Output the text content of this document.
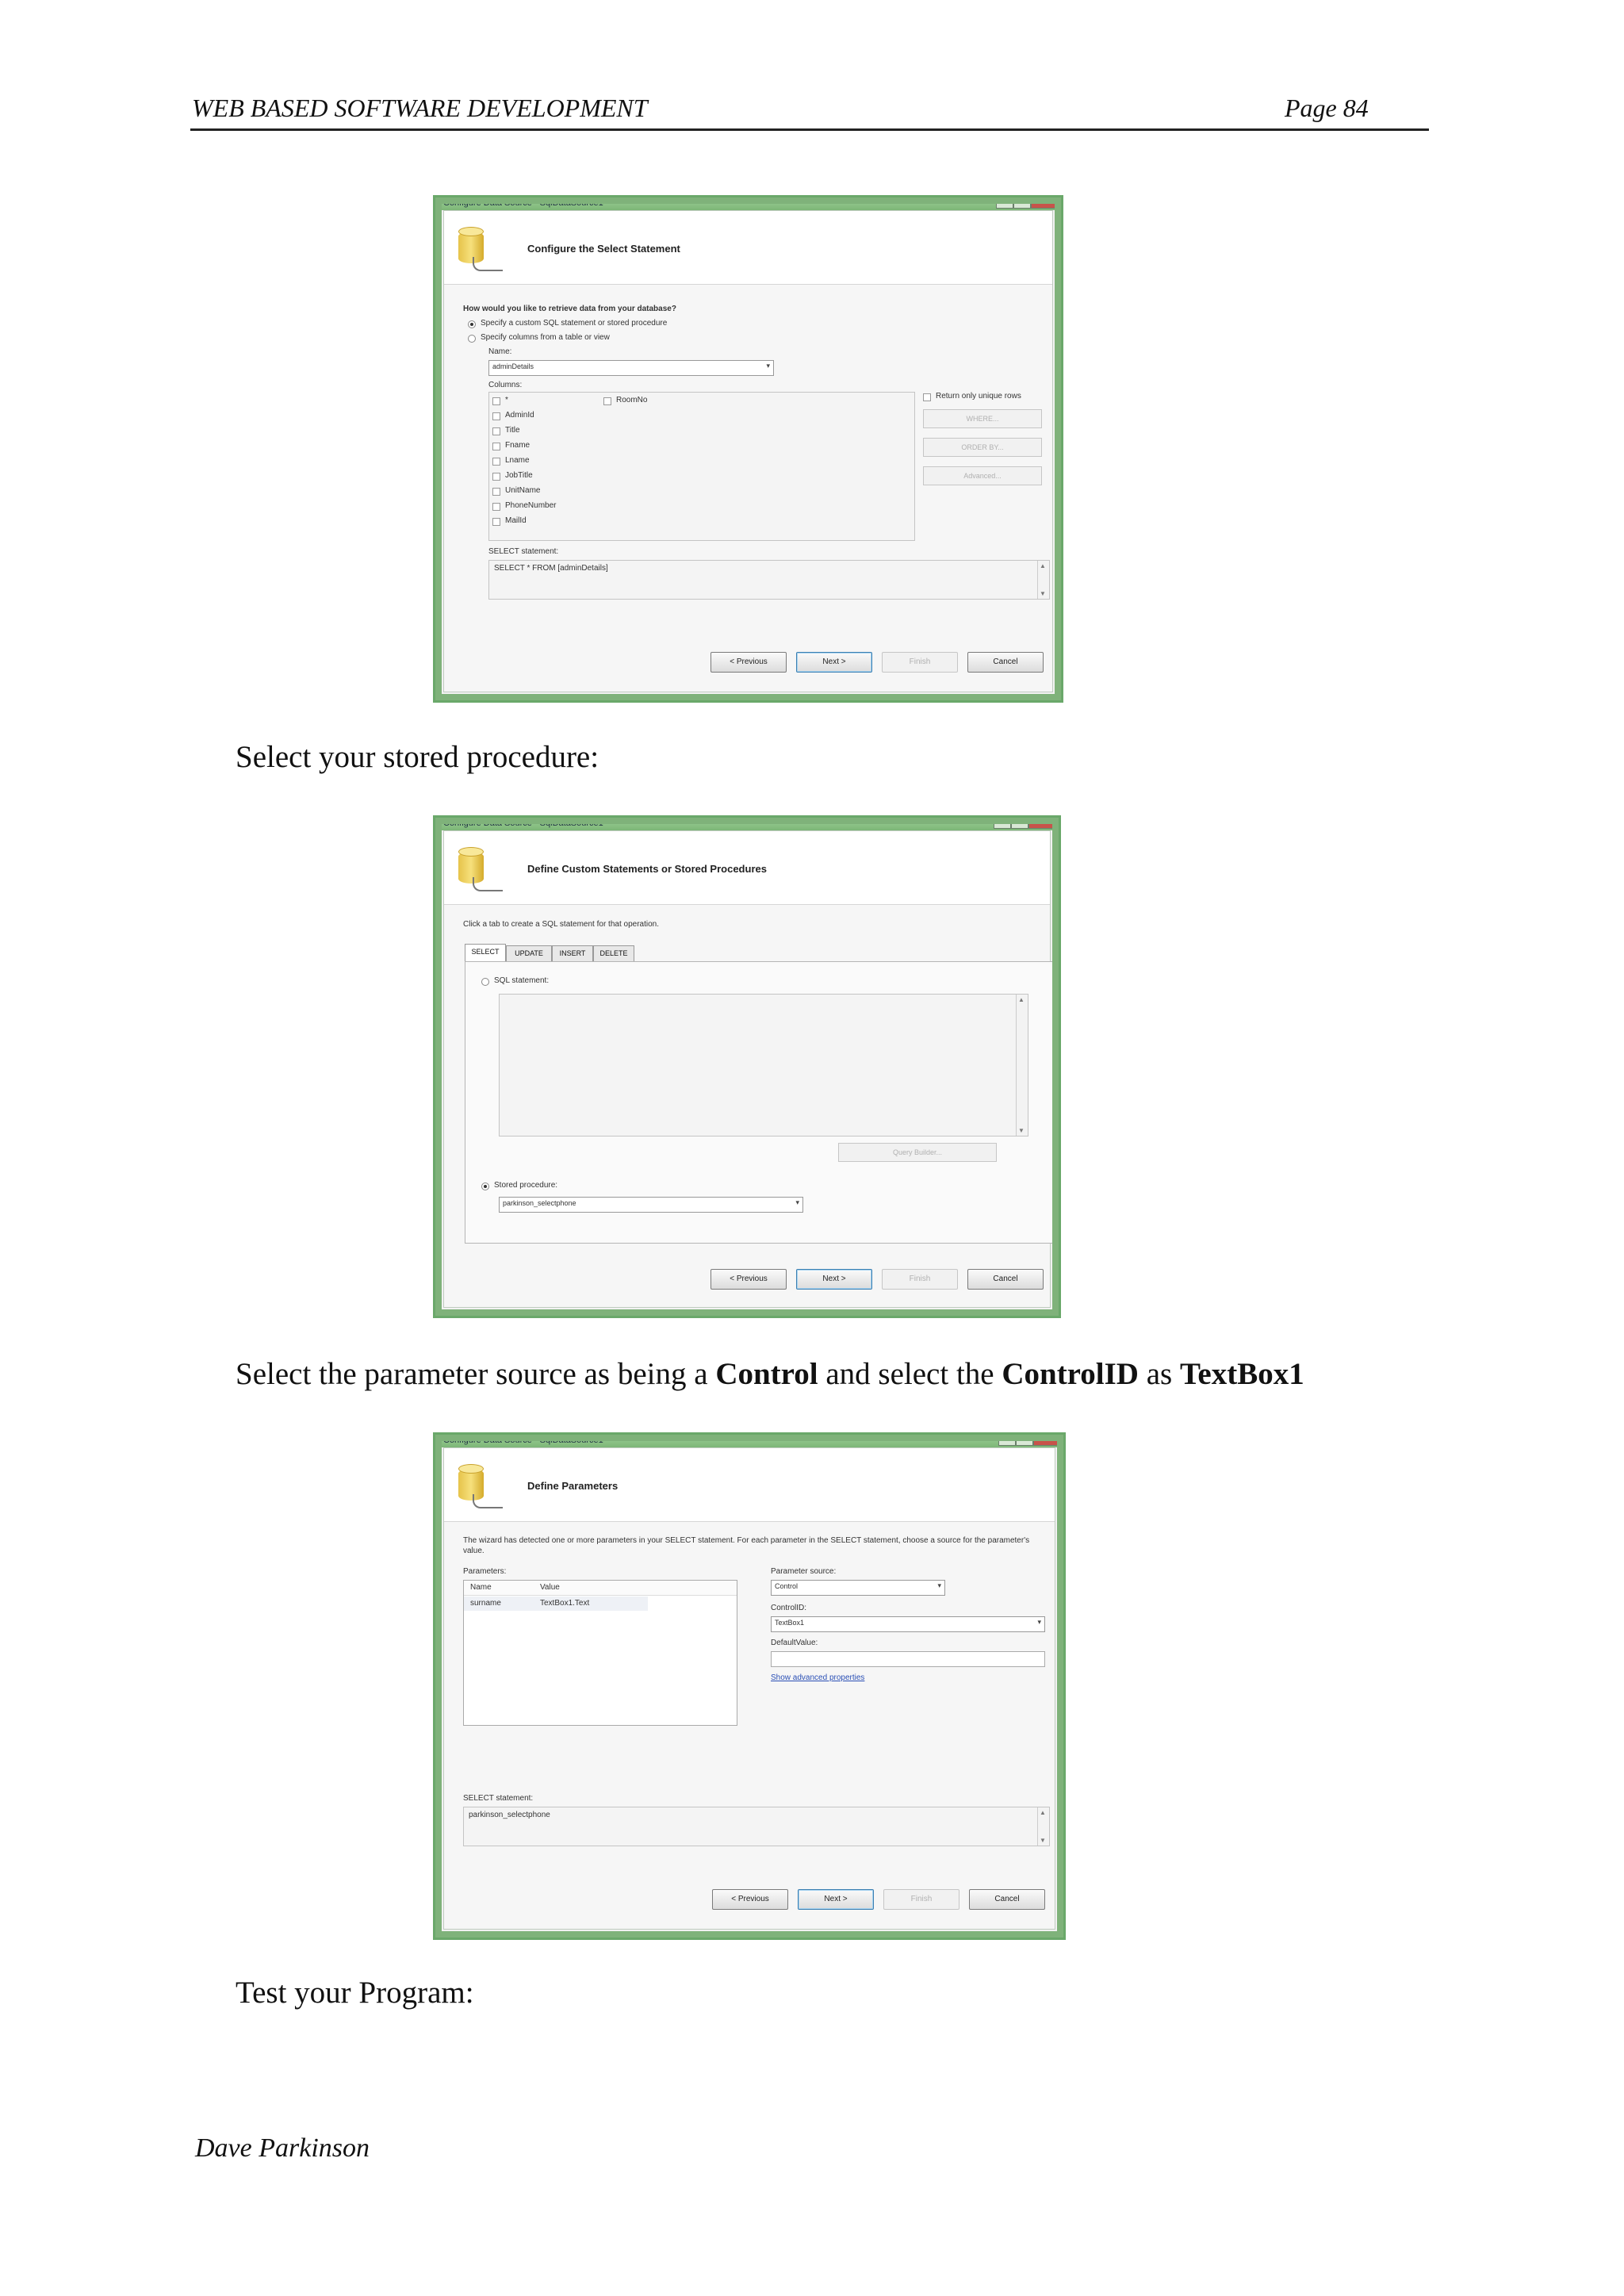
WEB BASED SOFTWARE DEVELOPMENT	Page 84
Configure Data Source - SqlDataSource1
Configure the Select Statement
How would you like to retrieve data from your database?
Specify a custom SQL statement or stored procedure
Specify columns from a table or view
Name:
adminDetails ▾
Columns:
*
AdminId
Title
Fname
Lname
JobTitle
UnitName
PhoneNumber
MailId
RoomNo	Return only unique rows
WHERE...
ORDER BY...
Advanced...
SELECT statement:
SELECT * FROM [adminDetails]	▲
▼
< Previous	Next >	Finish	Cancel
Select your stored procedure:
Configure Data Source - SqlDataSource1
Define Custom Statements or Stored Procedures
Click a tab to create a SQL statement for that operation.
SELECT	UPDATE	INSERT	DELETE
SQL statement:
▲
▼
Query Builder...
Stored procedure:
parkinson_selectphone ▾
< Previous	Next >	Finish	Cancel
Select the parameter source as being a Control and select the ControlID as TextBox1
Configure Data Source - SqlDataSource1
Define Parameters
The wizard has detected one or more parameters in your SELECT statement. For each parameter in the SELECT statement, choose a source for the parameter's value.
Parameters:
Name	Value
surname	TextBox1.Text
Parameter source:
Control ▾
ControlID:
TextBox1 ▾
DefaultValue:
Show advanced properties
SELECT statement:
parkinson_selectphone	▲
▼
< Previous	Next >	Finish	Cancel
Test your Program:
Dave Parkinson
